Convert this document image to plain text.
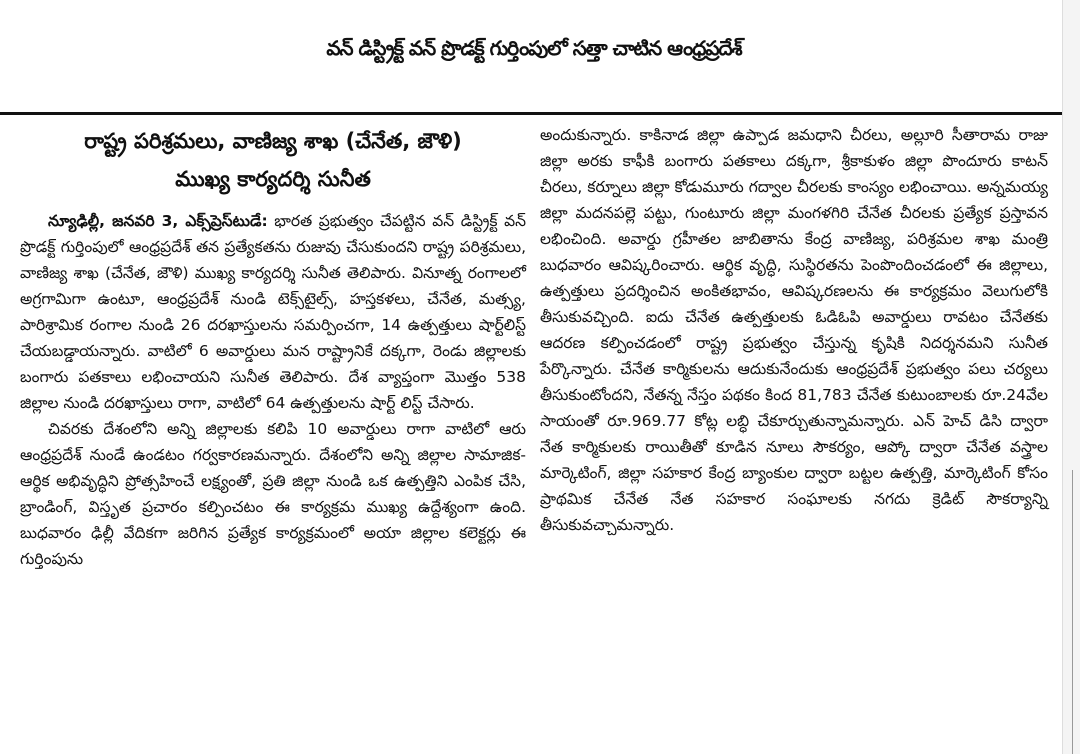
వన్ డిస్ట్రిక్ట్ వన్ ప్రొడక్ట్ గుర్తింపులో సత్తా చాటిన ఆంధ్రప్రదేశ్
రాష్ట్ర పరిశ్రమలు, వాణిజ్య శాఖ (చేనేత, జౌళి)
ముఖ్య కార్యదర్శి సునీత

న్యూఢిల్లీ, జనవరి 3, ఎక్స్‌ప్రెస్‌టుడే: భారత ప్రభుత్వం చేపట్టిన వన్ డిస్ట్రిక్ట్ వన్ ప్రొడక్ట్ గుర్తింపులో ఆంధ్రప్రదేశ్ తన ప్రత్యేకతను రుజువు చేసుకుందని రాష్ట్ర పరిశ్రమలు, వాణిజ్య శాఖ (చేనేత, జౌళి) ముఖ్య కార్యదర్శి సునీత తెలిపారు. వినూత్న రంగాలలో అగ్రగామిగా ఉంటూ, ఆంధ్రప్రదేశ్ నుండి టెక్స్‌టైల్స్, హస్తకళలు, చేనేత, మత్స్య, పారిశ్రామిక రంగాల నుండి 26 దరఖాస్తులను సమర్పించగా, 14 ఉత్పత్తులు షార్ట్‌లిస్ట్ చేయబడ్డాయన్నారు. వాటిలో 6 అవార్డులు మన రాష్ట్రానికే దక్కగా, రెండు జిల్లాలకు బంగారు పతకాలు లభించాయని సునీత తెలిపారు. దేశ వ్యాప్తంగా మొత్తం 538 జిల్లాల నుండి దరఖాస్తులు రాగా, వాటిలో 64 ఉత్పత్తులను షార్ట్ లిస్ట్ చేసారు.

చివరకు దేశంలోని అన్ని జిల్లాలకు కలిపి 10 అవార్డులు రాగా వాటిలో ఆరు ఆంధ్రప్రదేశ్ నుండే ఉండటం గర్వకారణమన్నారు. దేశంలోని అన్ని జిల్లాల సామాజిక-ఆర్థిక అభివృద్ధిని ప్రోత్సహించే లక్ష్యంతో, ప్రతి జిల్లా నుండి ఒక ఉత్పత్తిని ఎంపిక చేసి, బ్రాండింగ్, విస్తృత ప్రచారం కల్పించటం ఈ కార్యక్రమ ముఖ్య ఉద్దేశ్యంగా ఉంది. బుధవారం ఢిల్లీ వేదికగా జరిగిన ప్రత్యేక కార్యక్రమంలో అయా జిల్లాల కలెక్టర్లు ఈ గుర్తింపును

అందుకున్నారు. కాకినాడ జిల్లా ఉప్పాడ జమధాని చీరలు, అల్లూరి సీతారామ రాజు జిల్లా అరకు కాఫీకి బంగారు పతకాలు దక్కగా, శ్రీకాకుళం జిల్లా పొందూరు కాటన్ చీరలు, కర్నూలు జిల్లా కోడుమూరు గద్వాల చీరలకు కాంస్యం లభించాయి. అన్నమయ్య జిల్లా మదనపల్లె పట్టు, గుంటూరు జిల్లా మంగళగిరి చేనేత చీరలకు ప్రత్యేక ప్రస్తావన లభించింది. అవార్డు గ్రహీతల జాబితాను కేంద్ర వాణిజ్య, పరిశ్రమల శాఖ మంత్రి బుధవారం ఆవిష్కరించారు. ఆర్థిక వృద్ధి, సుస్థిరతను పెంపొందించడంలో ఈ జిల్లాలు, ఉత్పత్తులు ప్రదర్శించిన అంకితభావం, ఆవిష్కరణలను ఈ కార్యక్రమం వెలుగులోకి తీసుకువచ్చింది. ఐదు చేనేత ఉత్పత్తులకు ఓడిఓపి అవార్డులు రావటం చేనేతకు ఆదరణ కల్పించడంలో రాష్ట్ర ప్రభుత్వం చేస్తున్న కృషికి నిదర్శనమని సునీత పేర్కొన్నారు. చేనేత కార్మికులను ఆదుకునేందుకు ఆంధ్రప్రదేశ్ ప్రభుత్వం పలు చర్యలు తీసుకుంటోందని, నేతన్న నేస్తం పథకం కింద 81,783 చేనేత కుటుంబాలకు రూ.24వేల సాయంతో రూ.969.77 కోట్ల లబ్ధి చేకూర్చుతున్నామన్నారు. ఎన్ హెచ్ డిసి ద్వారా నేత కార్మికులకు రాయితీతో కూడిన నూలు సౌకర్యం, ఆప్కో ద్వారా చేనేత వస్త్రాల మార్కెటింగ్, జిల్లా సహకార కేంద్ర బ్యాంకుల ద్వారా బట్టల ఉత్పత్తి, మార్కెటింగ్ కోసం ప్రాథమిక చేనేత నేత సహకార సంఘాలకు నగదు క్రెడిట్ సౌకర్యాన్ని తీసుకువచ్చామన్నారు.
